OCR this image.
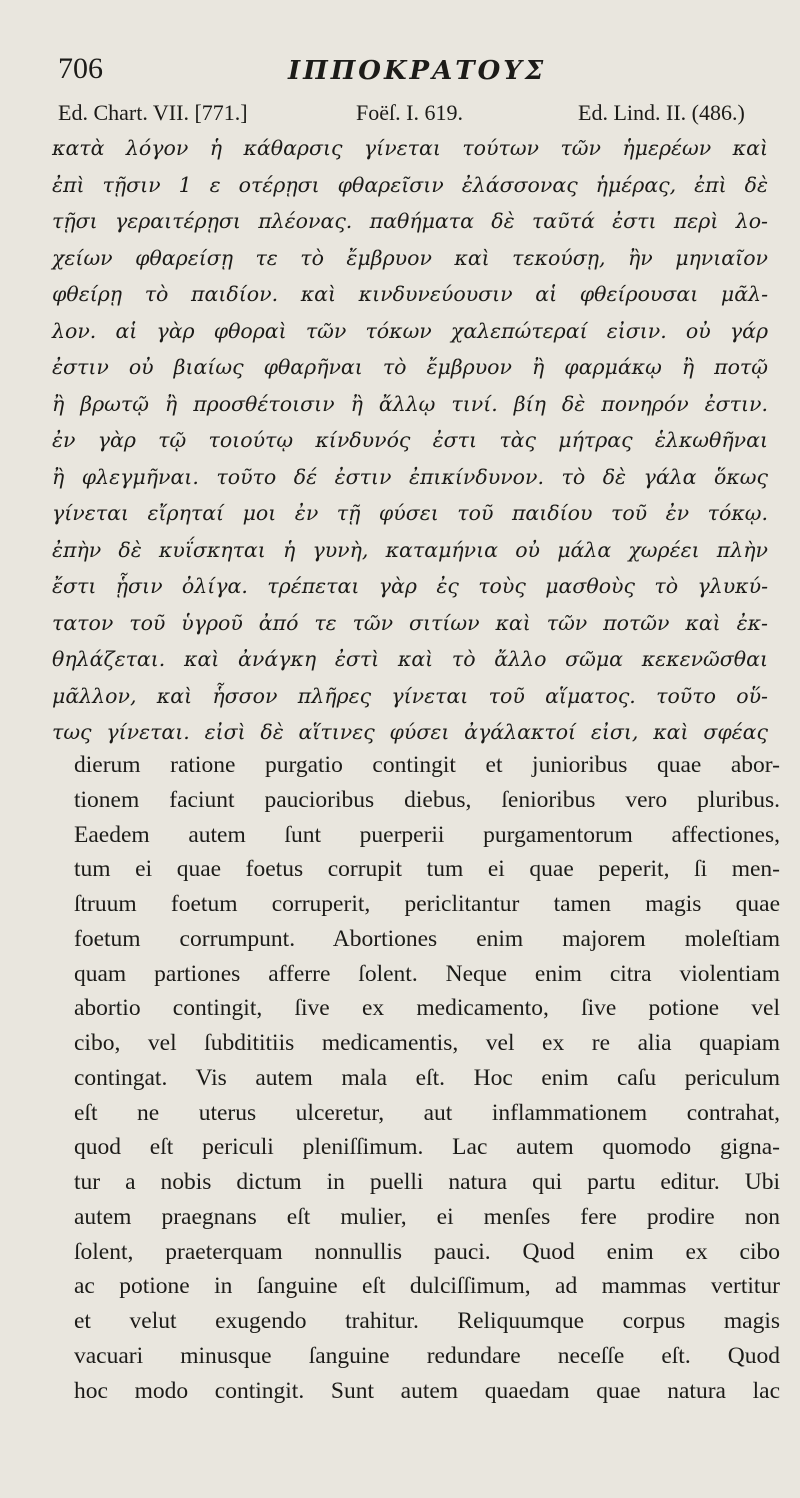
706	ΙΠΠΟΚΡΑΤΟΥΣ
Ed. Chart. VII. [771.]	Foëſ. I. 619.	Ed. Lind. II. (486.)
κατὰ λόγον ἡ κάθαρσις γίνεται τούτων τῶν ἡμερέων καὶ
ἐπὶ τῇσιν 1 ε οτέρῃσι φθαρεῖσιν ἐλάσσονας ἡμέρας, ἐπὶ δὲ
τῇσι γεραιτέρῃσι πλέονας. παθήματα δὲ ταῦτά ἐστι περὶ λο-
χείων φθαρείσῃ τε τὸ ἔμβρυον καὶ τεκούσῃ, ἢν μηνιαῖον
φθείρῃ τὸ παιδίον. καὶ κινδυνεύουσιν αἱ φθείρουσαι μᾶλ-
λον. αἱ γὰρ φθοραὶ τῶν τόκων χαλεπώτεραί εἰσιν. οὐ γάρ
ἐστιν οὐ βιαίως φθαρῆναι τὸ ἔμβρυον ἢ φαρμάκῳ ἢ ποτῷ
ἢ βρωτῷ ἢ προσθέτοισιν ἢ ἄλλῳ τινί. βίη δὲ πονηρόν ἐστιν.
ἐν γὰρ τῷ τοιούτῳ κίνδυνός ἐστι τὰς μήτρας ἑλκωθῆναι
ἢ φλεγμῆναι. τοῦτο δέ ἐστιν ἐπικίνδυνον. τὸ δὲ γάλα ὅκως
γίνεται εἴρηταί μοι ἐν τῇ φύσει τοῦ παιδίου τοῦ ἐν τόκῳ.
ἐπὴν δὲ κυΐσκηται ἡ γυνὴ, καταμήνια οὐ μάλα χωρέει πλὴν
ἔστι ᾗσιν ὀλίγα. τρέπεται γὰρ ἐς τοὺς μασθοὺς τὸ γλυκύ-
τατον τοῦ ὑγροῦ ἀπό τε τῶν σιτίων καὶ τῶν ποτῶν καὶ ἐκ-
θηλάζεται. καὶ ἀνάγκη ἐστὶ καὶ τὸ ἄλλο σῶμα κεκενῶσθαι
μᾶλλον, καὶ ἧσσον πλῆρες γίνεται τοῦ αἵματος. τοῦτο οὕ-
τως γίνεται. εἰσὶ δὲ αἵτινες φύσει ἀγάλακτοί εἰσι, καὶ σφέας
dierum ratione purgatio contingit et junioribus quae abor-
tionem faciunt paucioribus diebus, ſenioribus vero pluribus.
Eaedem autem ſunt puerperii purgamentorum affectiones,
tum ei quae foetus corrupit tum ei quae peperit, ſi men-
ſtruum foetum corruperit, periclitantur tamen magis quae
foetum corrumpunt. Abortiones enim majorem moleſtiam
quam partiones afferre ſolent. Neque enim citra violentiam
abortio contingit, ſive ex medicamento, ſive potione vel
cibo, vel ſubdititiis medicamentis, vel ex re alia quapiam
contingat. Vis autem mala eſt. Hoc enim caſu periculum
eſt ne uterus ulceretur, aut inflammationem contrahat,
quod eſt periculi pleniſſimum. Lac autem quomodo gigna-
tur a nobis dictum in puelli natura qui partu editur. Ubi
autem praegnans eſt mulier, ei menſes fere prodire non
ſolent, praeterquam nonnullis pauci. Quod enim ex cibo
ac potione in ſanguine eſt dulciſſimum, ad mammas vertitur
et velut exugendo trahitur. Reliquumque corpus magis
vacuari minusque ſanguine redundare neceſſe eſt. Quod
hoc modo contingit. Sunt autem quaedam quae natura lac
